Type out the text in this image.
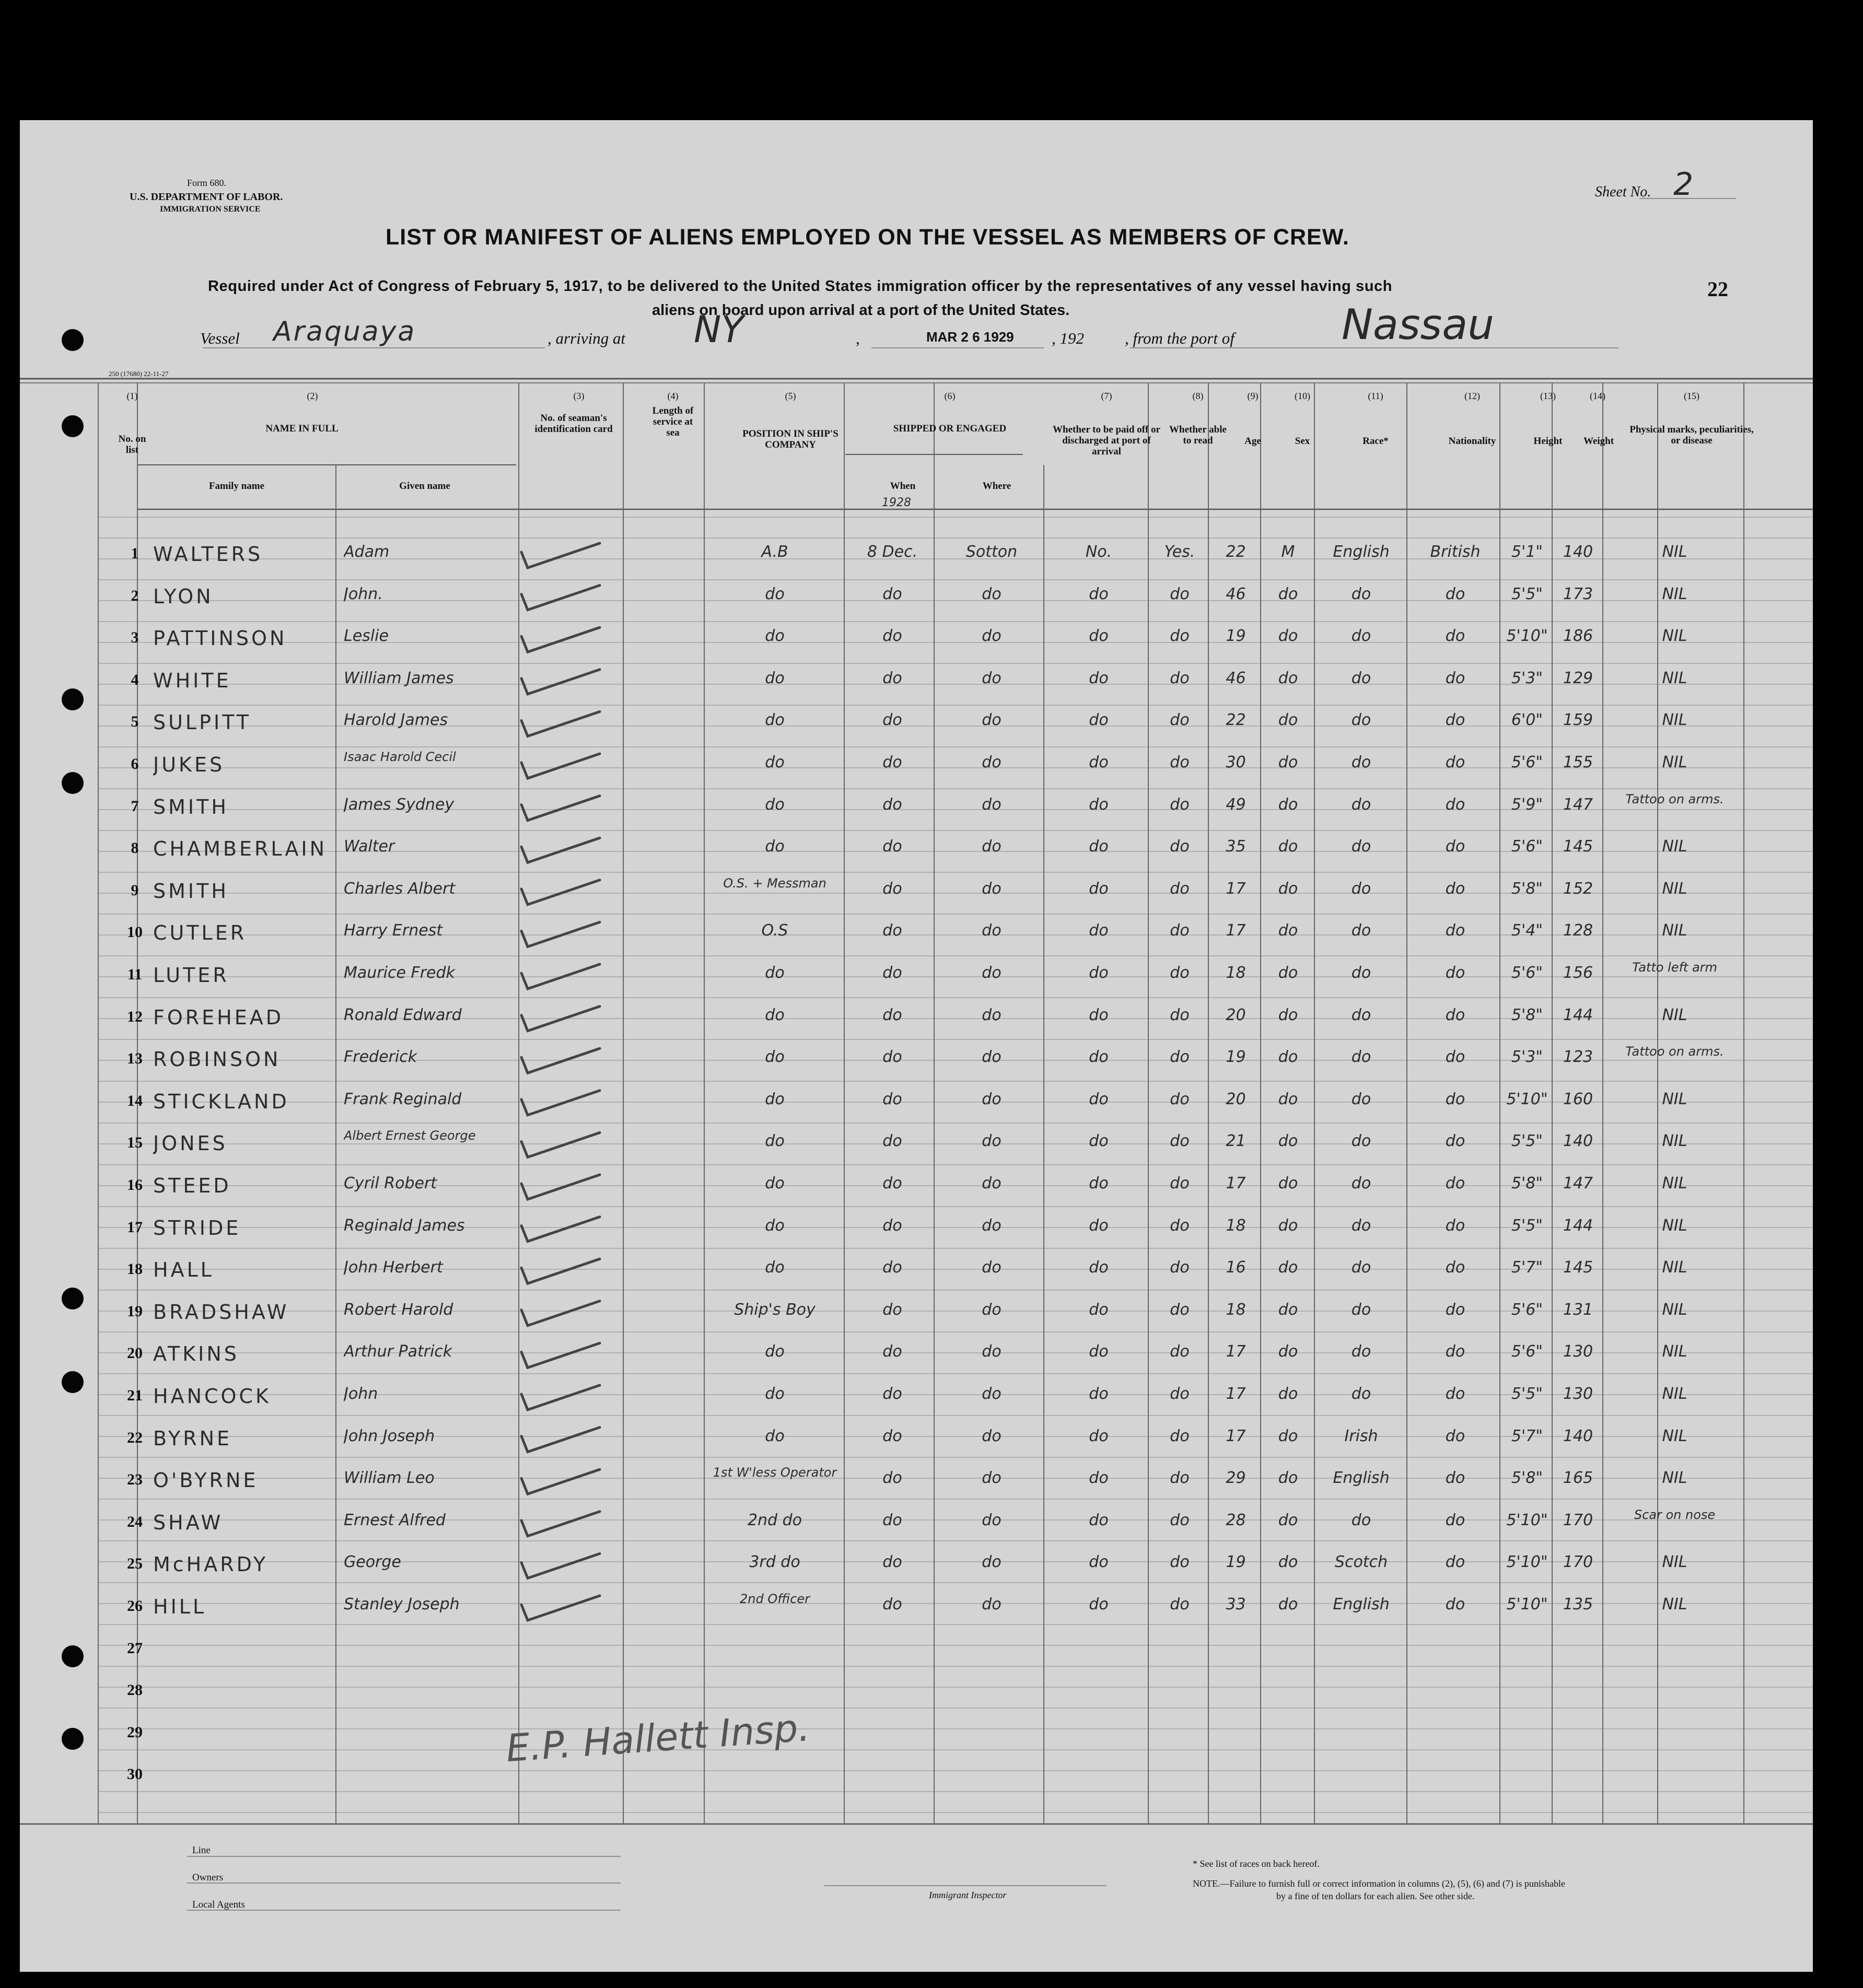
Form 680.
U.S. DEPARTMENT OF LABOR.
IMMIGRATION SERVICE
Sheet No. 2
LIST OR MANIFEST OF ALIENS EMPLOYED ON THE VESSEL AS MEMBERS OF CREW.
Required under Act of Congress of February 5, 1917, to be delivered to the United States immigration officer by the representatives of any vessel having such
aliens on board upon arrival at a port of the United States.
22
Vessel Araquaya	, arriving at NY	,	MAR 2 6 1929 , 192	, from the port of	Nassau
250 (17680) 22-11-27
(1)
No. on list
(2)
NAME IN FULL
Family name	Given name
(3)
No. of seaman's identification card
(4)
Length of service at sea
(5)
POSITION IN SHIP'S COMPANY
(6)
SHIPPED OR ENGAGED
When	Where
(7)
Whether to be paid off or discharged at port of arrival
(8)
Whether able to read
(9)
Age
(10)
Sex
(11)
Race*
(12)
Nationality
(13)
Height
(14)
Weight
(15)
Physical marks, peculiarities, or disease
1928
1 WALTERS	Adam	A.B	8 Dec.	Sotton	No.	Yes.	22	M	English	British	5'1"	140	NIL
2 LYON	John.	do	do	do	do	do	46	do	do	do	5'5"	173	NIL
3 PATTINSON	Leslie	do	do	do	do	do	19	do	do	do	5'10" 186	NIL
4 WHITE	William James	do	do	do	do	do	46	do	do	do	5'3"	129	NIL
5 SULPITT	Harold James	do	do	do	do	do	22	do	do	do	6'0"	159	NIL
6 JUKES	Isaac Harold Cecil	do	do	do	do	do	30	do	do	do	5'6"	155	NIL
7 SMITH	James Sydney	do	do	do	do	do	49	do	do	do	5'9"	147	Tattoo on arms.
8 CHAMBERLAIN	Walter	do	do	do	do	do	35	do	do	do	5'6"	145	NIL
9 SMITH	Charles Albert	O.S. + Messman	do	do	do	do	17	do	do	do	5'8"	152	NIL
10 CUTLER	Harry Ernest	O.S	do	do	do	do	17	do	do	do	5'4"	128	NIL
11 LUTER	Maurice Fredk	do	do	do	do	do	18	do	do	do	5'6"	156	Tatto left arm
12 FOREHEAD	Ronald Edward	do	do	do	do	do	20	do	do	do	5'8"	144	NIL
13 ROBINSON	Frederick	do	do	do	do	do	19	do	do	do	5'3"	123	Tattoo on arms.
14 STICKLAND	Frank Reginald	do	do	do	do	do	20	do	do	do	5'10" 160	NIL
15 JONES	Albert Ernest George	do	do	do	do	do	21	do	do	do	5'5"	140	NIL
16 STEED	Cyril Robert	do	do	do	do	do	17	do	do	do	5'8"	147	NIL
17 STRIDE	Reginald James	do	do	do	do	do	18	do	do	do	5'5"	144	NIL
18 HALL	John Herbert	do	do	do	do	do	16	do	do	do	5'7"	145	NIL
19 BRADSHAW	Robert Harold	Ship's Boy	do	do	do	do	18	do	do	do	5'6"	131	NIL
20 ATKINS	Arthur Patrick	do	do	do	do	do	17	do	do	do	5'6"	130	NIL
21 HANCOCK	John	do	do	do	do	do	17	do	do	do	5'5"	130	NIL
22 BYRNE	John Joseph	do	do	do	do	do	17	do	Irish	do	5'7"	140	NIL
23 O'BYRNE	William Leo	1st W'less Operator	do	do	do	do	29	do	English	do	5'8"	165	NIL
24 SHAW	Ernest Alfred	2nd do	do	do	do	do	28	do	do	do	5'10" 170	Scar on nose
25 McHARDY	George	3rd do	do	do	do	do	19	do	Scotch	do	5'10" 170	NIL
26 HILL	Stanley Joseph	2nd Officer	do	do	do	do	33	do	English	do	5'10" 135	NIL
27
28
29
30
E.P. Hallett Insp.
Line
Owners
Local Agents
Immigrant Inspector
* See list of races on back hereof.
NOTE.—Failure to furnish full or correct information in columns (2), (5), (6) and (7) is punishable
by a fine of ten dollars for each alien. See other side.
